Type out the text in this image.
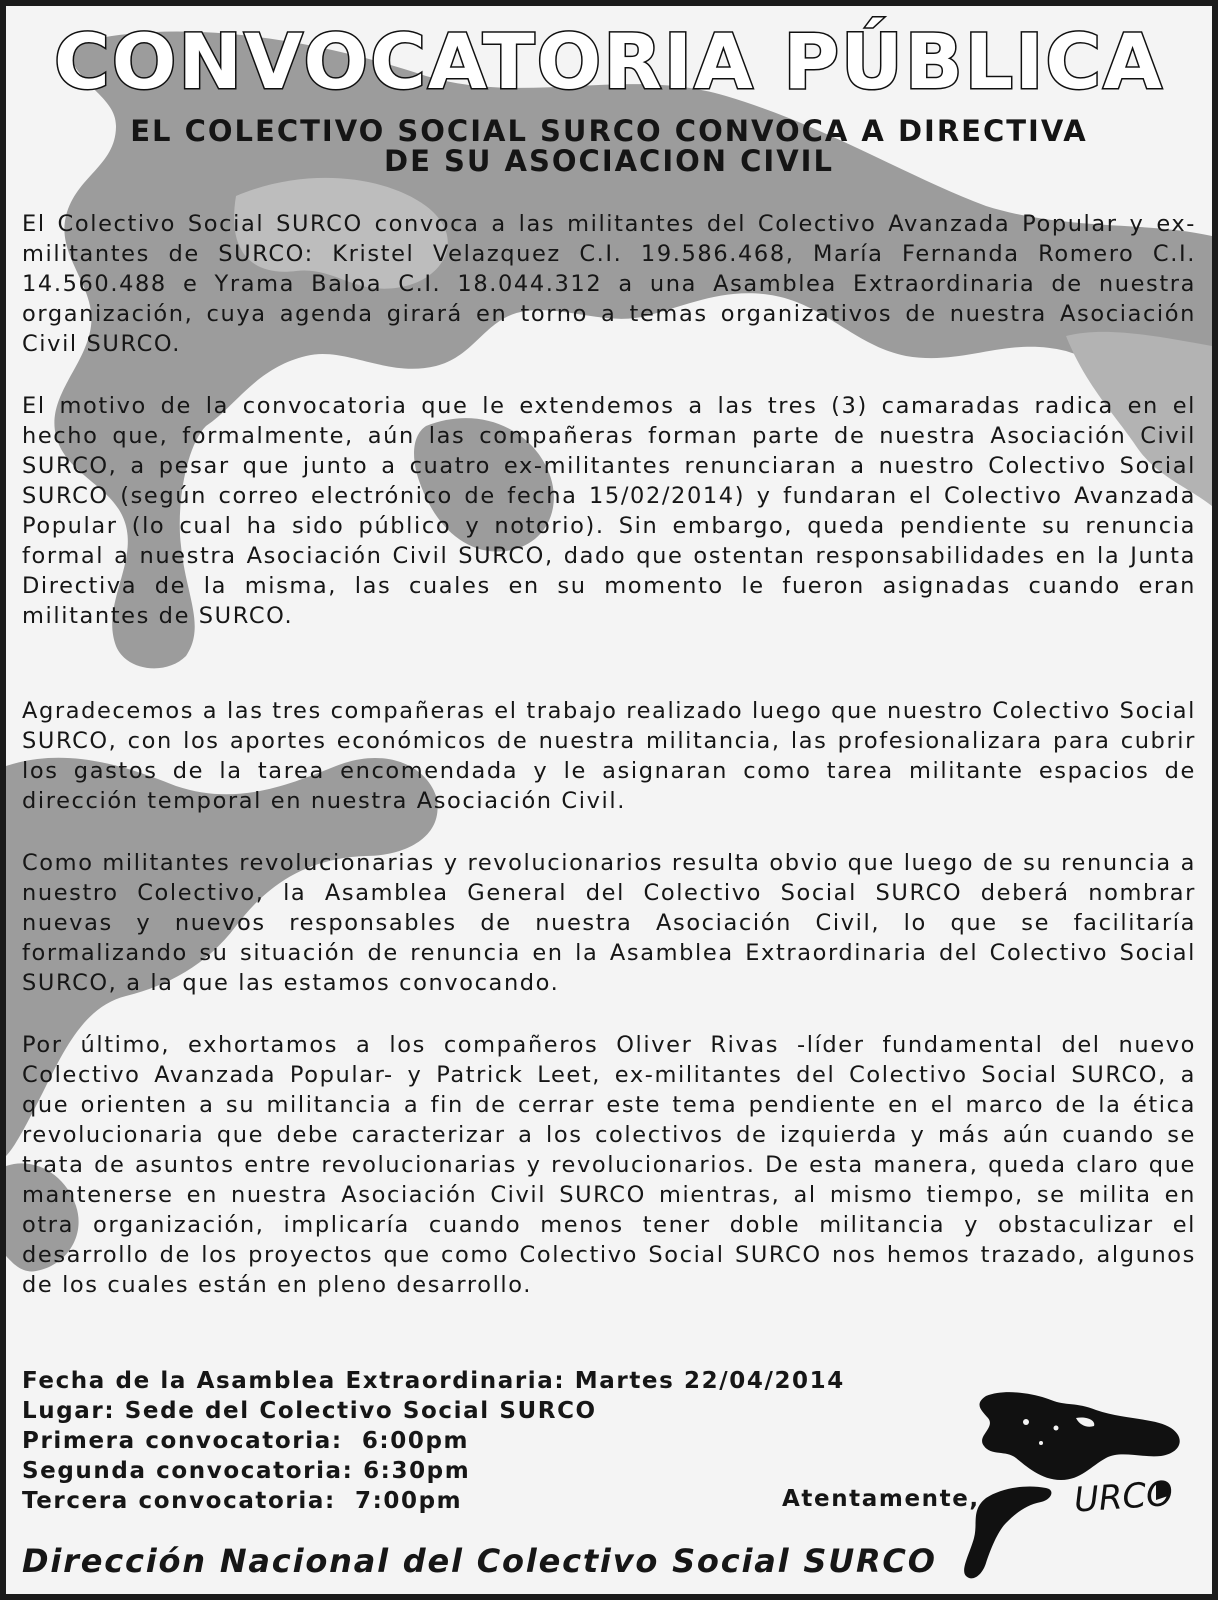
CONVOCATORIA PÚBLICA
EL COLECTIVO SOCIAL SURCO CONVOCA A DIRECTIVA
DE SU ASOCIACION CIVIL

El Colectivo Social SURCO convoca a las militantes del Colectivo Avanzada Popular y ex-militantes de SURCO: Kristel Velazquez C.I. 19.586.468, María Fernanda Romero C.I. 14.560.488 e Yrama Baloa C.I. 18.044.312 a una Asamblea Extraordinaria de nuestra organización, cuya agenda girará en torno a temas organizativos de nuestra Asociación Civil SURCO.

El motivo de la convocatoria que le extendemos a las tres (3) camaradas radica en el hecho que, formalmente, aún las compañeras forman parte de nuestra Asociación Civil SURCO, a pesar que junto a cuatro ex-militantes renunciaran a nuestro Colectivo Social SURCO (según correo electrónico de fecha 15/02/2014) y fundaran el Colectivo Avanzada Popular (lo cual ha sido público y notorio). Sin embargo, queda pendiente su renuncia formal a nuestra Asociación Civil SURCO, dado que ostentan responsabilidades en la Junta Directiva de la misma, las cuales en su momento le fueron asignadas cuando eran militantes de SURCO.

Agradecemos a las tres compañeras el trabajo realizado luego que nuestro Colectivo Social SURCO, con los aportes económicos de nuestra militancia, las profesionalizara para cubrir los gastos de la tarea encomendada y le asignaran como tarea militante espacios de dirección temporal en nuestra Asociación Civil.

Como militantes revolucionarias y revolucionarios resulta obvio que luego de su renuncia a nuestro Colectivo, la Asamblea General del Colectivo Social SURCO deberá nombrar nuevas y nuevos responsables de nuestra Asociación Civil, lo que se facilitaría formalizando su situación de renuncia en la Asamblea Extraordinaria del Colectivo Social SURCO, a la que las estamos convocando.

Por último, exhortamos a los compañeros Oliver Rivas -líder fundamental del nuevo Colectivo Avanzada Popular- y Patrick Leet, ex-militantes del Colectivo Social SURCO, a que orienten a su militancia a fin de cerrar este tema pendiente en el marco de la ética revolucionaria que debe caracterizar a los colectivos de izquierda y más aún cuando se trata de asuntos entre revolucionarias y revolucionarios. De esta manera, queda claro que mantenerse en nuestra Asociación Civil SURCO mientras, al mismo tiempo, se milita en otra organización, implicaría cuando menos tener doble militancia y obstaculizar el desarrollo de los proyectos que como Colectivo Social SURCO nos hemos trazado, algunos de los cuales están en pleno desarrollo.

Fecha de la Asamblea Extraordinaria: Martes 22/04/2014
Lugar: Sede del Colectivo Social SURCO
Primera convocatoria:  6:00pm
Segunda convocatoria: 6:30pm
Tercera convocatoria:  7:00pm	Atentamente,
Dirección Nacional del Colectivo Social SURCO
URCO
